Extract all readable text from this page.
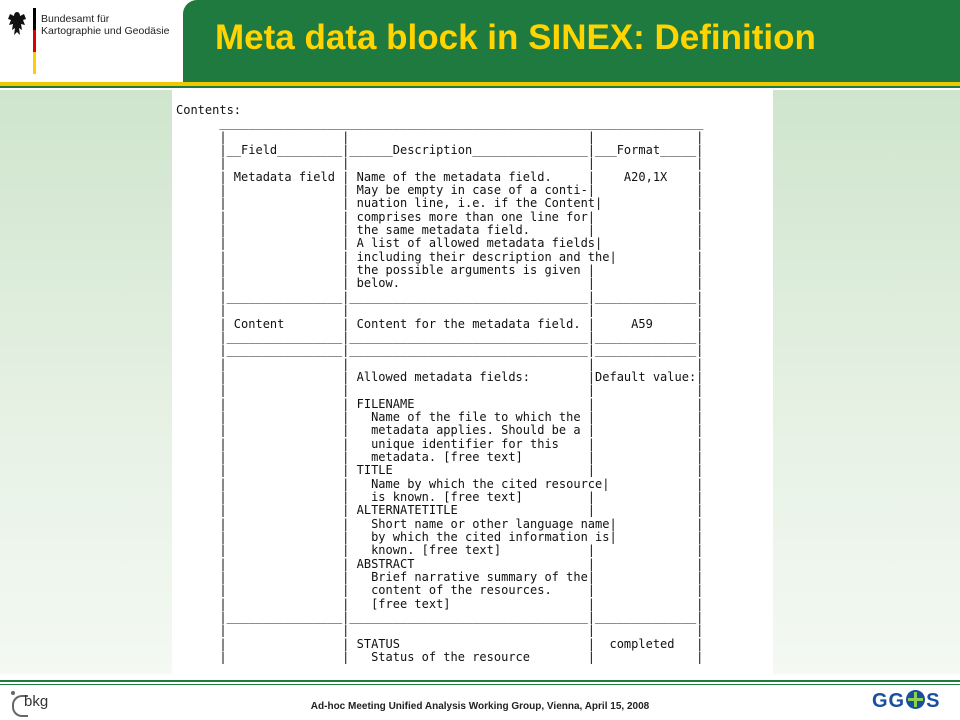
Bundesamt für
Kartographie und Geodäsie Meta data block in SINEX: Definition
Contents:
___________________________________________________________________
|                |                                 |              |
|__Field_________|______Description________________|___Format_____|
|                |                                 |              |
| Metadata field | Name of the metadata field.     |    A20,1X    |
|                | May be empty in case of a conti-|              |
|                | nuation line, i.e. if the Content|             |
|                | comprises more than one line for|              |
|                | the same metadata field.        |              |
|                | A list of allowed metadata fields|             |
|                | including their description and the|           |
|                | the possible arguments is given |              |
|                | below.                          |              |
|________________|_________________________________|______________|
|                |                                 |              |
| Content        | Content for the metadata field. |     A59      |
|________________|_________________________________|______________|
|________________|_________________________________|______________|
|                |                                 |              |
|                | Allowed metadata fields:        |Default value:|
|                |                                 |              |
|                | FILENAME                        |              |
|                |   Name of the file to which the |              |
|                |   metadata applies. Should be a |              |
|                |   unique identifier for this    |              |
|                |   metadata. [free text]         |              |
|                | TITLE                           |              |
|                |   Name by which the cited resource|            |
|                |   is known. [free text]         |              |
|                | ALTERNATETITLE                  |              |
|                |   Short name or other language name|           |
|                |   by which the cited information is|           |
|                |   known. [free text]            |              |
|                | ABSTRACT                        |              |
|                |   Brief narrative summary of the|              |
|                |   content of the resources.     |              |
|                |   [free text]                   |              |
|________________|_________________________________|______________|
|                |                                 |              |
|                | STATUS                          |  completed   |
|                |   Status of the resource        |              |
bkg	Ad-hoc Meeting Unified Analysis Working Group, Vienna, April 15, 2008	GG S
